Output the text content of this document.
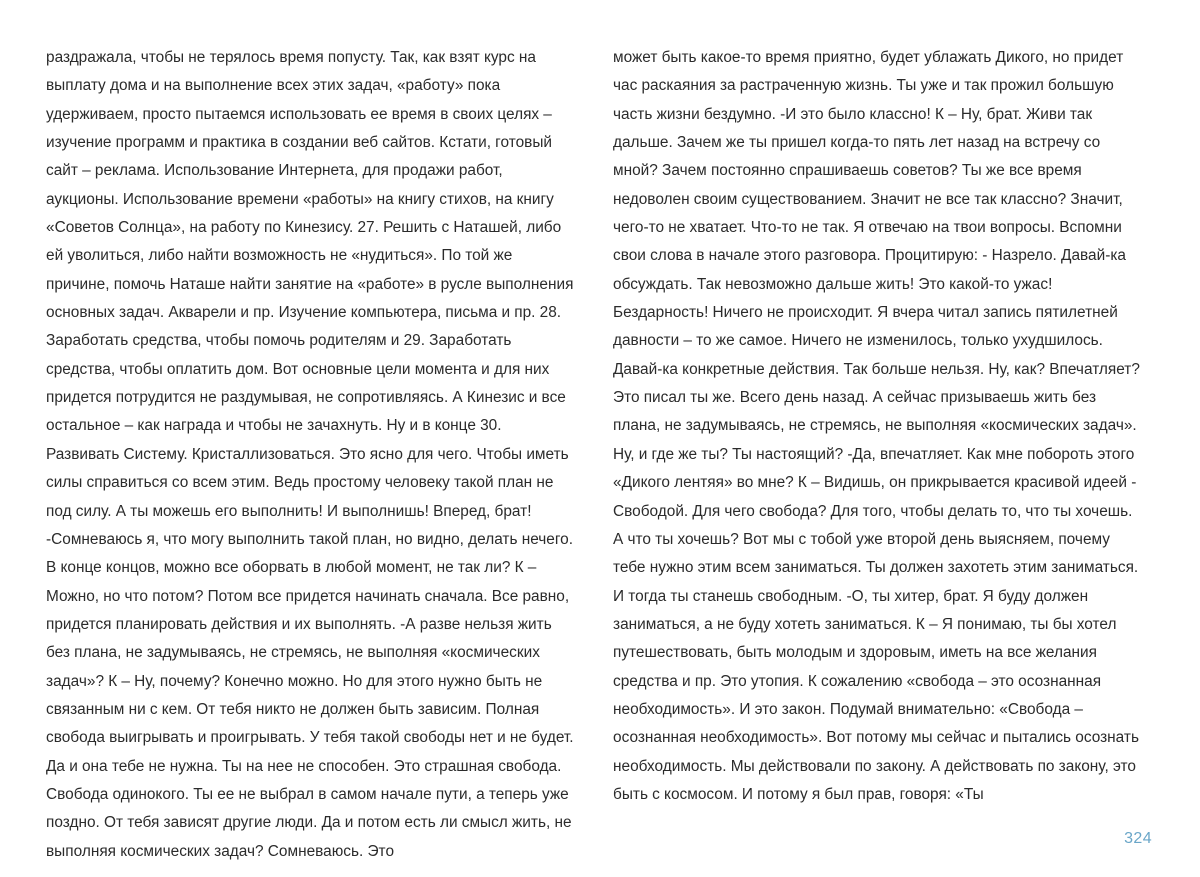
раздражала, чтобы не терялось время попусту. Так, как взят курс на выплату дома и на выполнение всех этих задач, «работу» пока удерживаем, просто пытаемся использовать ее время в своих целях – изучение программ и практика в создании веб сайтов. Кстати, готовый сайт – реклама. Использование Интернета, для продажи работ, аукционы. Использование времени «работы» на книгу стихов, на книгу «Советов Солнца», на работу по Кинезису. 27. Решить с Наташей, либо ей уволиться, либо найти возможность не «нудиться». По той же причине, помочь Наташе найти занятие на «работе» в русле выполнения основных задач. Акварели и пр. Изучение компьютера, письма и пр. 28. Заработать средства, чтобы помочь родителям и 29. Заработать средства, чтобы оплатить дом. Вот основные цели момента и для них придется потрудится не раздумывая, не сопротивляясь. А Кинезис и все остальное – как награда и чтобы не зачахнуть. Ну и в конце 30. Развивать Систему. Кристаллизоваться. Это ясно для чего. Чтобы иметь силы справиться со всем этим. Ведь простому человеку такой план не под силу. А ты можешь его выполнить! И выполнишь! Вперед, брат! -Сомневаюсь я, что могу выполнить такой план, но видно, делать нечего. В конце концов, можно все оборвать в любой момент, не так ли? К – Можно, но что потом? Потом все придется начинать сначала. Все равно, придется планировать действия и их выполнять. -А разве нельзя жить без плана, не задумываясь, не стремясь, не выполняя «космических задач»? К – Ну, почему? Конечно можно. Но для этого нужно быть не связанным ни с кем. От тебя никто не должен быть зависим. Полная свобода выигрывать и проигрывать. У тебя такой свободы нет и не будет. Да и она тебе не нужна. Ты на нее не способен. Это страшная свобода. Свобода одинокого. Ты ее не выбрал в самом начале пути, а теперь уже поздно. От тебя зависят другие люди. Да и потом есть ли смысл жить, не выполняя космических задач? Сомневаюсь. Это

может быть какое-то время приятно, будет ублажать Дикого, но придет час раскаяния за растраченную жизнь. Ты уже и так прожил большую часть жизни бездумно. -И это было классно! К – Ну, брат. Живи так дальше. Зачем же ты пришел когда-то пять лет назад на встречу со мной? Зачем постоянно спрашиваешь советов? Ты же все время недоволен своим существованием. Значит не все так классно? Значит, чего-то не хватает. Что-то не так. Я отвечаю на твои вопросы. Вспомни свои слова в начале этого разговора. Процитирую: - Назрело. Давай-ка обсуждать. Так невозможно дальше жить! Это какой-то ужас! Бездарность! Ничего не происходит. Я вчера читал запись пятилетней давности – то же самое. Ничего не изменилось, только ухудшилось. Давай-ка конкретные действия. Так больше нельзя. Ну, как? Впечатляет? Это писал ты же. Всего день назад. А сейчас призываешь жить без плана, не задумываясь, не стремясь, не выполняя «космических задач». Ну, и где же ты? Ты настоящий? -Да, впечатляет. Как мне побороть этого «Дикого лентяя» во мне? К – Видишь, он прикрывается красивой идеей - Свободой. Для чего свобода? Для того, чтобы делать то, что ты хочешь. А что ты хочешь? Вот мы с тобой уже второй день выясняем, почему тебе нужно этим всем заниматься. Ты должен захотеть этим заниматься. И тогда ты станешь свободным. -О, ты хитер, брат. Я буду должен заниматься, а не буду хотеть заниматься. К – Я понимаю, ты бы хотел путешествовать, быть молодым и здоровым, иметь на все желания средства и пр. Это утопия. К сожалению «свобода – это осознанная необходимость». И это закон. Подумай внимательно: «Свобода – осознанная необходимость». Вот потому мы сейчас и пытались осознать необходимость. Мы действовали по закону. А действовать по закону, это быть с космосом. И потому я был прав, говоря: «Ты

324
